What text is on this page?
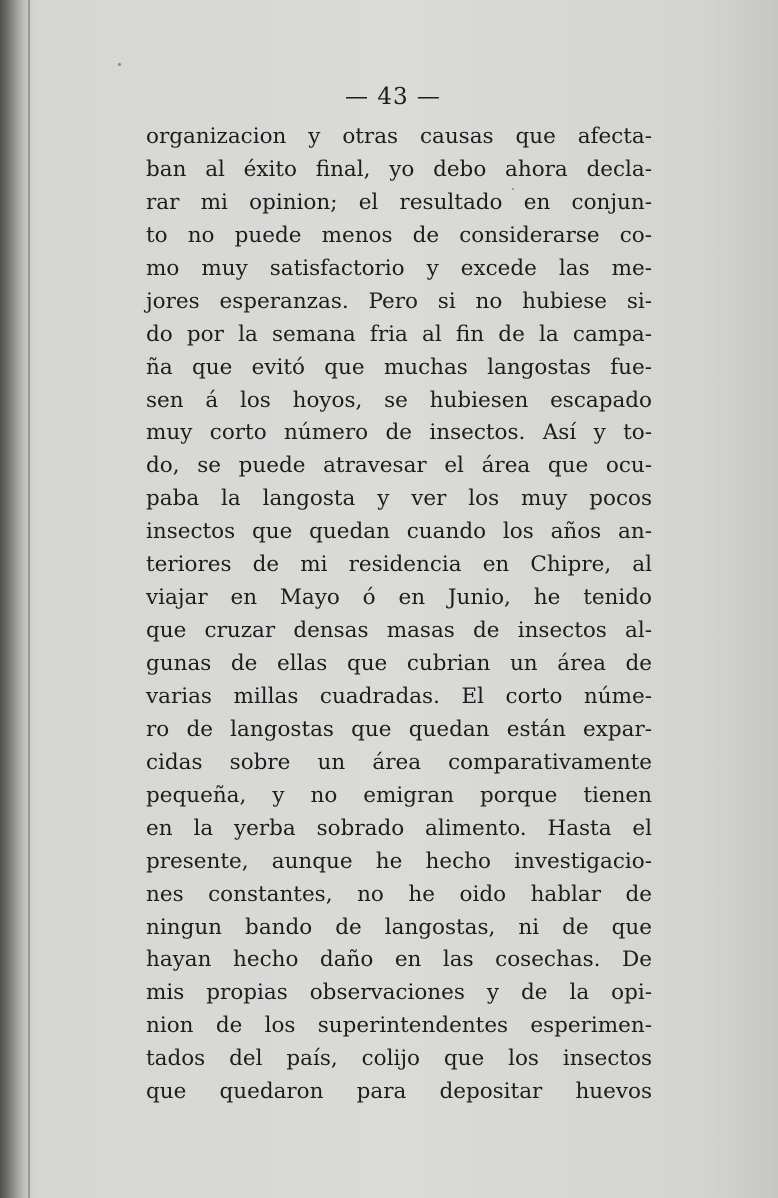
— 43 —
organizacion y otras causas que afecta-
ban al éxito final, yo debo ahora decla-
rar mi opinion; el resultado en conjun-
to no puede menos de considerarse co-
mo muy satisfactorio y excede las me-
jores esperanzas. Pero si no hubiese si-
do por la semana fria al fin de la campa-
ña que evitó que muchas langostas fue-
sen á los hoyos, se hubiesen escapado
muy corto número de insectos. Así y to-
do, se puede atravesar el área que ocu-
paba la langosta y ver los muy pocos
insectos que quedan cuando los años an-
teriores de mi residencia en Chipre, al
viajar en Mayo ó en Junio, he tenido
que cruzar densas masas de insectos al-
gunas de ellas que cubrian un área de
varias millas cuadradas. El corto núme-
ro de langostas que quedan están expar-
cidas sobre un área comparativamente
pequeña, y no emigran porque tienen
en la yerba sobrado alimento. Hasta el
presente, aunque he hecho investigacio-
nes constantes, no he oido hablar de
ningun bando de langostas, ni de que
hayan hecho daño en las cosechas. De
mis propias observaciones y de la opi-
nion de los superintendentes esperimen-
tados del país, colijo que los insectos
que quedaron para depositar huevos
